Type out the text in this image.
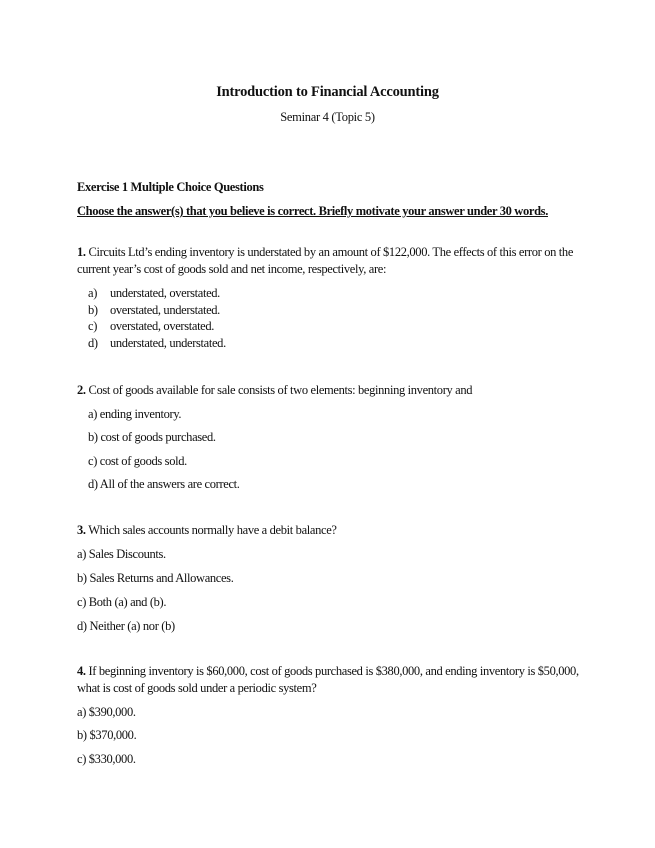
Introduction to Financial Accounting
Seminar 4 (Topic 5)
Exercise 1 Multiple Choice Questions
Choose the answer(s) that you believe is correct. Briefly motivate your answer under 30 words.
1. Circuits Ltd’s ending inventory is understated by an amount of $122,000. The effects of this error on the current year’s cost of goods sold and net income, respectively, are:
a) understated, overstated.
b) overstated, understated.
c) overstated, overstated.
d) understated, understated.
2. Cost of goods available for sale consists of two elements: beginning inventory and
a) ending inventory.
b) cost of goods purchased.
c) cost of goods sold.
d) All of the answers are correct.
3. Which sales accounts normally have a debit balance?
a) Sales Discounts.
b) Sales Returns and Allowances.
c) Both (a) and (b).
d) Neither (a) nor (b)
4. If beginning inventory is $60,000, cost of goods purchased is $380,000, and ending inventory is $50,000, what is cost of goods sold under a periodic system?
a) $390,000.
b) $370,000.
c) $330,000.
